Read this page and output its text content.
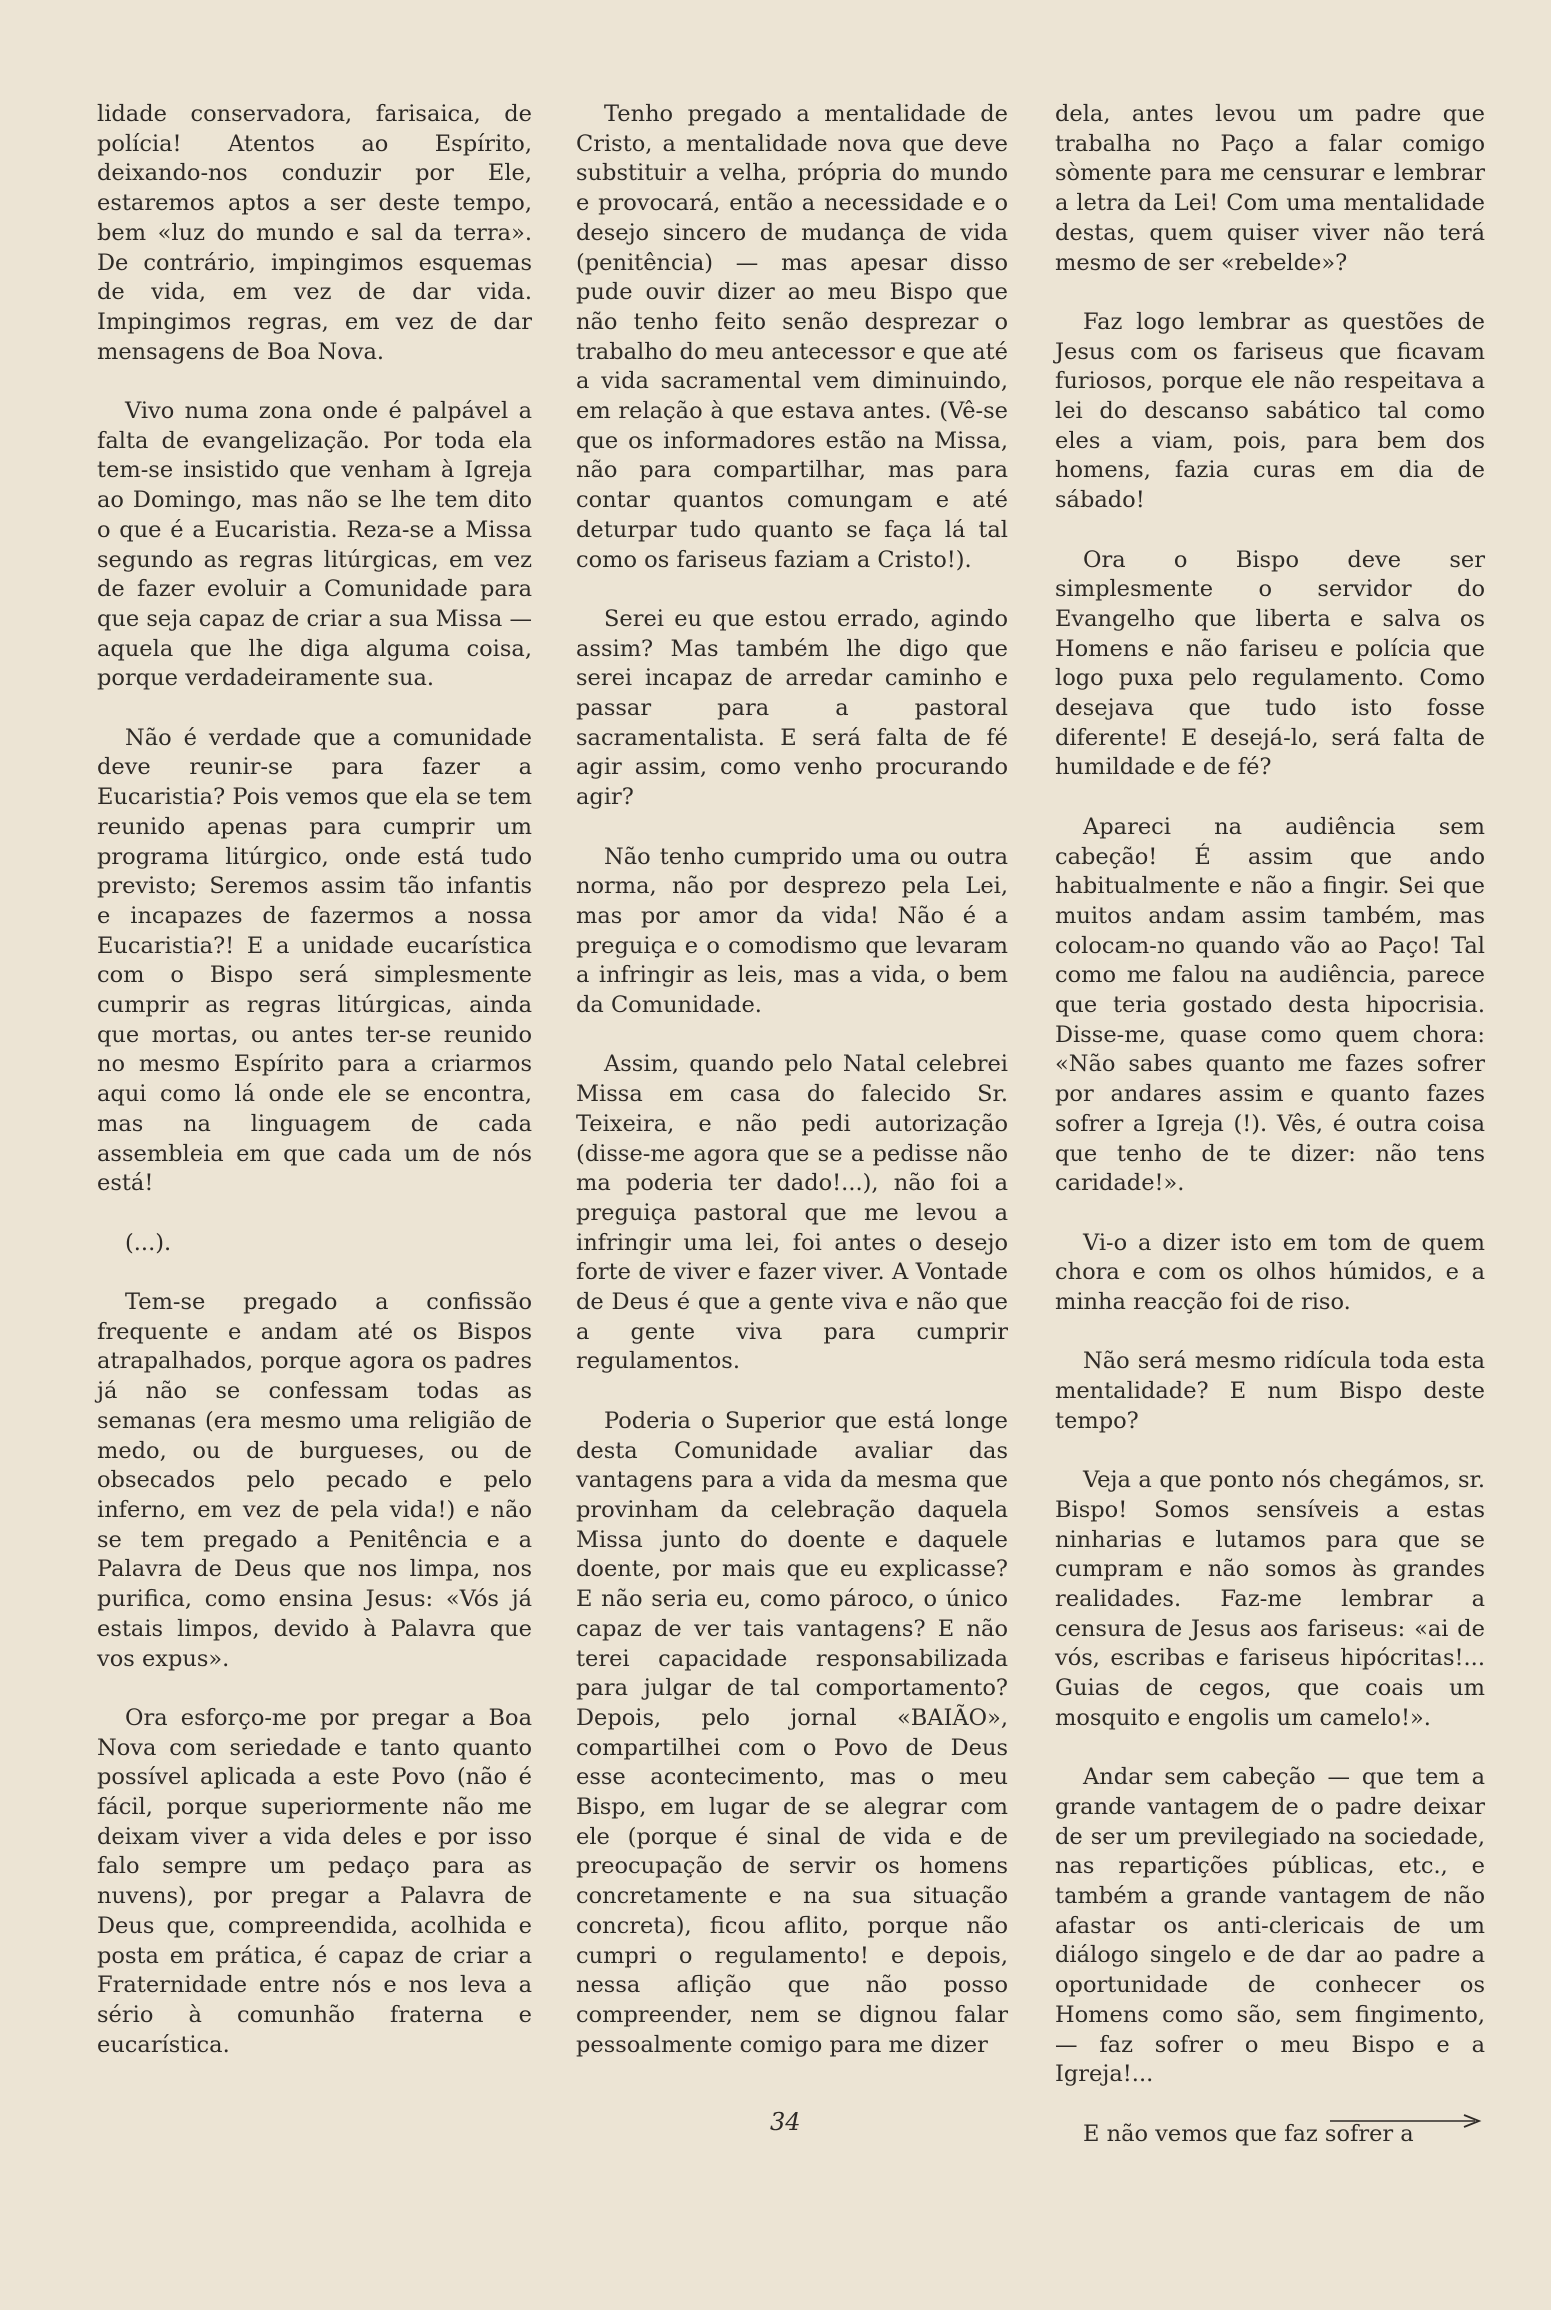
lidade conservadora, farisaica, de polícia! Atentos ao Espírito, deixando-nos conduzir por Ele, estaremos aptos a ser deste tempo, bem «luz do mundo e sal da terra». De contrário, impingimos esquemas de vida, em vez de dar vida. Impingimos regras, em vez de dar mensagens de Boa Nova.

Vivo numa zona onde é palpável a falta de evangelização. Por toda ela tem-se insistido que venham à Igreja ao Domingo, mas não se lhe tem dito o que é a Eucaristia. Reza-se a Missa segundo as regras litúrgicas, em vez de fazer evoluir a Comunidade para que seja capaz de criar a sua Missa — aquela que lhe diga alguma coisa, porque verdadeiramente sua.

Não é verdade que a comunidade deve reunir-se para fazer a Eucaristia? Pois vemos que ela se tem reunido apenas para cumprir um programa litúrgico, onde está tudo previsto; Seremos assim tão infantis e incapazes de fazermos a nossa Eucaristia?! E a unidade eucarística com o Bispo será simplesmente cumprir as regras litúrgicas, ainda que mortas, ou antes ter-se reunido no mesmo Espírito para a criarmos aqui como lá onde ele se encontra, mas na linguagem de cada assembleia em que cada um de nós está!

(...).

Tem-se pregado a confissão frequente e andam até os Bispos atrapalhados, porque agora os padres já não se confessam todas as semanas (era mesmo uma religião de medo, ou de burgueses, ou de obsecados pelo pecado e pelo inferno, em vez de pela vida!) e não se tem pregado a Penitência e a Palavra de Deus que nos limpa, nos purifica, como ensina Jesus: «Vós já estais limpos, devido à Palavra que vos expus».

Ora esforço-me por pregar a Boa Nova com seriedade e tanto quanto possível aplicada a este Povo (não é fácil, porque superiormente não me deixam viver a vida deles e por isso falo sempre um pedaço para as nuvens), por pregar a Palavra de Deus que, compreendida, acolhida e posta em prática, é capaz de criar a Fraternidade entre nós e nos leva a sério à comunhão fraterna e eucarística.

Tenho pregado a mentalidade de Cristo, a mentalidade nova que deve substituir a velha, própria do mundo e provocará, então a necessidade e o desejo sincero de mudança de vida (penitência) — mas apesar disso pude ouvir dizer ao meu Bispo que não tenho feito senão desprezar o trabalho do meu antecessor e que até a vida sacramental vem diminuindo, em relação à que estava antes. (Vê-se que os informadores estão na Missa, não para compartilhar, mas para contar quantos comungam e até deturpar tudo quanto se faça lá tal como os fariseus faziam a Cristo!).

Serei eu que estou errado, agindo assim? Mas também lhe digo que serei incapaz de arredar caminho e passar para a pastoral sacramentalista. E será falta de fé agir assim, como venho procurando agir?

Não tenho cumprido uma ou outra norma, não por desprezo pela Lei, mas por amor da vida! Não é a preguiça e o comodismo que levaram a infringir as leis, mas a vida, o bem da Comunidade.

Assim, quando pelo Natal celebrei Missa em casa do falecido Sr. Teixeira, e não pedi autorização (disse-me agora que se a pedisse não ma poderia ter dado!...), não foi a preguiça pastoral que me levou a infringir uma lei, foi antes o desejo forte de viver e fazer viver. A Vontade de Deus é que a gente viva e não que a gente viva para cumprir regulamentos.

Poderia o Superior que está longe desta Comunidade avaliar das vantagens para a vida da mesma que provinham da celebração daquela Missa junto do doente e daquele doente, por mais que eu explicasse? E não seria eu, como pároco, o único capaz de ver tais vantagens? E não terei capacidade responsabilizada para julgar de tal comportamento? Depois, pelo jornal «BAIÃO», compartilhei com o Povo de Deus esse acontecimento, mas o meu Bispo, em lugar de se alegrar com ele (porque é sinal de vida e de preocupação de servir os homens concretamente e na sua situação concreta), ficou aflito, porque não cumpri o regulamento! e depois, nessa aflição que não posso compreender, nem se dignou falar pessoalmente comigo para me dizer

dela, antes levou um padre que trabalha no Paço a falar comigo sòmente para me censurar e lembrar a letra da Lei! Com uma mentalidade destas, quem quiser viver não terá mesmo de ser «rebelde»?

Faz logo lembrar as questões de Jesus com os fariseus que ficavam furiosos, porque ele não respeitava a lei do descanso sabático tal como eles a viam, pois, para bem dos homens, fazia curas em dia de sábado!

Ora o Bispo deve ser simplesmente o servidor do Evangelho que liberta e salva os Homens e não fariseu e polícia que logo puxa pelo regulamento. Como desejava que tudo isto fosse diferente! E desejá-lo, será falta de humildade e de fé?

Apareci na audiência sem cabeção! É assim que ando habitualmente e não a fingir. Sei que muitos andam assim também, mas colocam-no quando vão ao Paço! Tal como me falou na audiência, parece que teria gostado desta hipocrisia. Disse-me, quase como quem chora: «Não sabes quanto me fazes sofrer por andares assim e quanto fazes sofrer a Igreja (!). Vês, é outra coisa que tenho de te dizer: não tens caridade!».

Vi-o a dizer isto em tom de quem chora e com os olhos húmidos, e a minha reacção foi de riso.

Não será mesmo ridícula toda esta mentalidade? E num Bispo deste tempo?

Veja a que ponto nós chegámos, sr. Bispo! Somos sensíveis a estas ninharias e lutamos para que se cumpram e não somos às grandes realidades. Faz-me lembrar a censura de Jesus aos fariseus: «ai de vós, escribas e fariseus hipócritas!... Guias de cegos, que coais um mosquito e engolis um camelo!».

Andar sem cabeção — que tem a grande vantagem de o padre deixar de ser um previlegiado na sociedade, nas repartições públicas, etc., e também a grande vantagem de não afastar os anti-clericais de um diálogo singelo e de dar ao padre a oportunidade de conhecer os Homens como são, sem fingimento, — faz sofrer o meu Bispo e a Igreja!...

E não vemos que faz sofrer a

34
